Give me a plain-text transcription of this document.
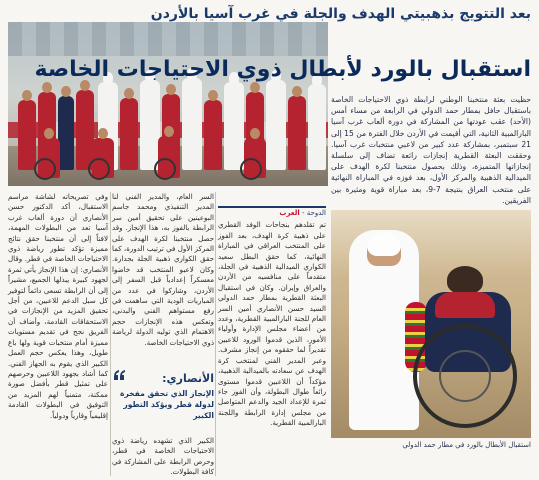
بعد التتويج بذهبيتي الهدف والجلة في غرب آسيا بالأردن
استقبال بالورد لأبطال ذوي الاحتياجات الخاصة
حظيت بعثة منتخبنا الوطني لرابطة ذوي الاحتياجات الخاصة باستقبال حافل بمطار حمد الدولي في الرابعة من مساء أمس (الأحد) عقب عودتها من المشاركة في دورة ألعاب غرب آسيا البارالمبية الثانية، التي أقيمت في الأردن خلال الفترة من 15 إلى 21 سبتمبر، بمشاركة عدد كبير من لاعبي منتخبات غرب آسيا. وحققت البعثة القطرية إنجازات رائعة تضاف إلى سلسلة إنجازاتها المتميزة، وذلك بحصول منتخبنا لكرة الهدف على الميدالية الذهبية والمركز الأول، بعد فوزه في المباراة النهائية على منتخب العراق بنتيجة 7-9، بعد مباراة قوية ومثيرة بين الفريقين.
استقبال الأبطال بالورد في مطار حمد الدولي
الدوحة - العرب
تم تقلدهم بنجاحات الوفد القطري على ذهبية كرة الهدف، بعد الفوز على المنتخب العراقي في المباراة النهائية، كما حقق البطل سعيد الكواري الميدالية الذهبية في الجلة، متقدماً على منافسيه من الأردن والعراق وإيران. وكان في استقبال البعثة القطرية بمطار حمد الدولي السيد حسن الأنصاري أمين السر العام للجنة البارالمبية القطرية، وعدد من أعضاء مجلس الإدارة وأولياء الأمور، الذين قدموا الورود للاعبين تقديراً لما حققوه من إنجاز مشرف. وعبر المدير الفني لمنتخب كرة الهدف عن سعادته بالميدالية الذهبية، مؤكداً أن اللاعبين قدموا مستوى رائعاً طوال البطولة، وأن الفوز جاء ثمرة للإعداد الجيد والدعم المتواصل من مجلس إدارة الرابطة واللجنة البارالمبية القطرية.
السر العام، والمدير الفني لنا المدير التنفيذي ومحمد جاسم البوعينين على تحقيق أمين سر الرابطة بالفوز به، هذا الإنجاز. وقد حصل منتخبنا لكرة الهدف على المركز الأول في ترتيب الدورة، كما حقق الكواري ذهبية الجلة بجدارة. وكان لاعبو المنتخب قد خاضوا معسكراً إعدادياً قبل السفر إلى الأردن، وشاركوا في عدد من المباريات الودية التي ساهمت في رفع مستواهم الفني والبدني، وتعكس هذه الإنجازات حجم الاهتمام الذي توليه الدولة لرياضة ذوي الاحتياجات الخاصة.
الأنصاري:
الإنجاز الذي تحقق مفخرة لدولة قطر ويؤكد التطور الكبير
الكبير الذي تشهده رياضة ذوي الاحتياجات الخاصة في قطر، وحرص الرابطة على المشاركة في كافة البطولات.
وفي تصريحاته لشاشة مراسم الاستقبال، أكد الدكتور حسن الأنصاري أن دورة ألعاب غرب آسيا تعد من البطولات المهمة، لافتاً إلى أن منتخبنا حقق نتائج مميزة تؤكد تطور رياضة ذوي الاحتياجات الخاصة في قطر. وقال الأنصاري: إن هذا الإنجاز يأتي ثمرة لجهود كبيرة يبذلها الجميع، مشيراً إلى أن الرابطة تسعى دائماً لتوفير كل سبل الدعم للاعبين، من أجل تحقيق المزيد من الإنجازات في الاستحقاقات القادمة، وأضاف أن الفريق نجح في تقديم مستويات مميزة أمام منتخبات قوية ولها باع طويل، وهذا يعكس حجم العمل الكبير الذي يقوم به الجهاز الفني. كما أشاد بجهود اللاعبين وحرصهم على تمثيل قطر بأفضل صورة ممكنة، متمنياً لهم المزيد من التوفيق في البطولات القادمة إقليمياً وقارياً ودولياً.
